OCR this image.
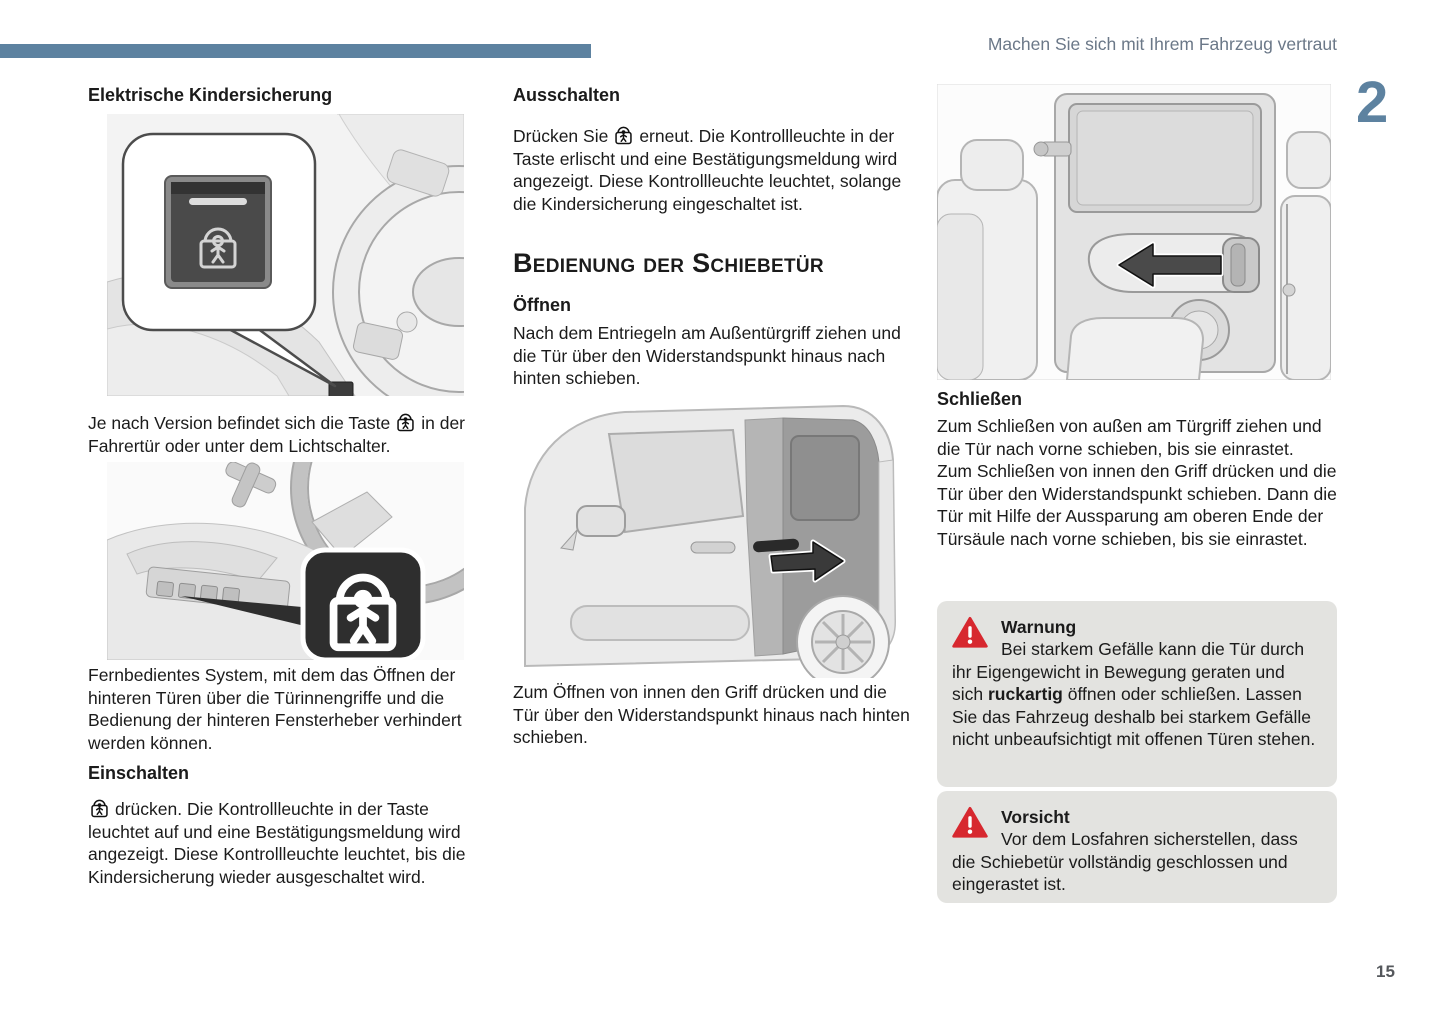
Machen Sie sich mit Ihrem Fahrzeug vertraut
2
Elektrische Kindersicherung
Je nach Version befindet sich die Taste in der Fahrertür oder unter dem Lichtschalter.
Fernbedientes System, mit dem das Öffnen der hinteren Türen über die Türinnengriffe und die Bedienung der hinteren Fensterheber verhindert werden können.
Einschalten
drücken. Die Kontrollleuchte in der Taste leuchtet auf und eine Bestätigungsmeldung wird angezeigt. Diese Kontrollleuchte leuchtet, bis die Kindersicherung wieder ausgeschaltet wird.
Ausschalten
Drücken Sie erneut. Die Kontrollleuchte in der Taste erlischt und eine Bestätigungsmeldung wird angezeigt. Diese Kontrollleuchte leuchtet, solange die Kindersicherung eingeschaltet ist.
Bedienung der Schiebetür
Öffnen
Nach dem Entriegeln am Außentürgriff ziehen und die Tür über den Widerstandspunkt hinaus nach hinten schieben.
Zum Öffnen von innen den Griff drücken und die Tür über den Widerstandspunkt hinaus nach hinten schieben.
Schließen
Zum Schließen von außen am Türgriff ziehen und die Tür nach vorne schieben, bis sie einrastet.
Zum Schließen von innen den Griff drücken und die Tür über den Widerstandspunkt schieben. Dann die Tür mit Hilfe der Aussparung am oberen Ende der Türsäule nach vorne schieben, bis sie einrastet.
Warnung
Bei starkem Gefälle kann die Tür durch ihr Eigengewicht in Bewegung geraten und sich ruckartig öffnen oder schließen. Lassen Sie das Fahrzeug deshalb bei starkem Gefälle nicht unbeaufsichtigt mit offenen Türen stehen.
Vorsicht
Vor dem Losfahren sicherstellen, dass die Schiebetür vollständig geschlossen und eingerastet ist.
15
